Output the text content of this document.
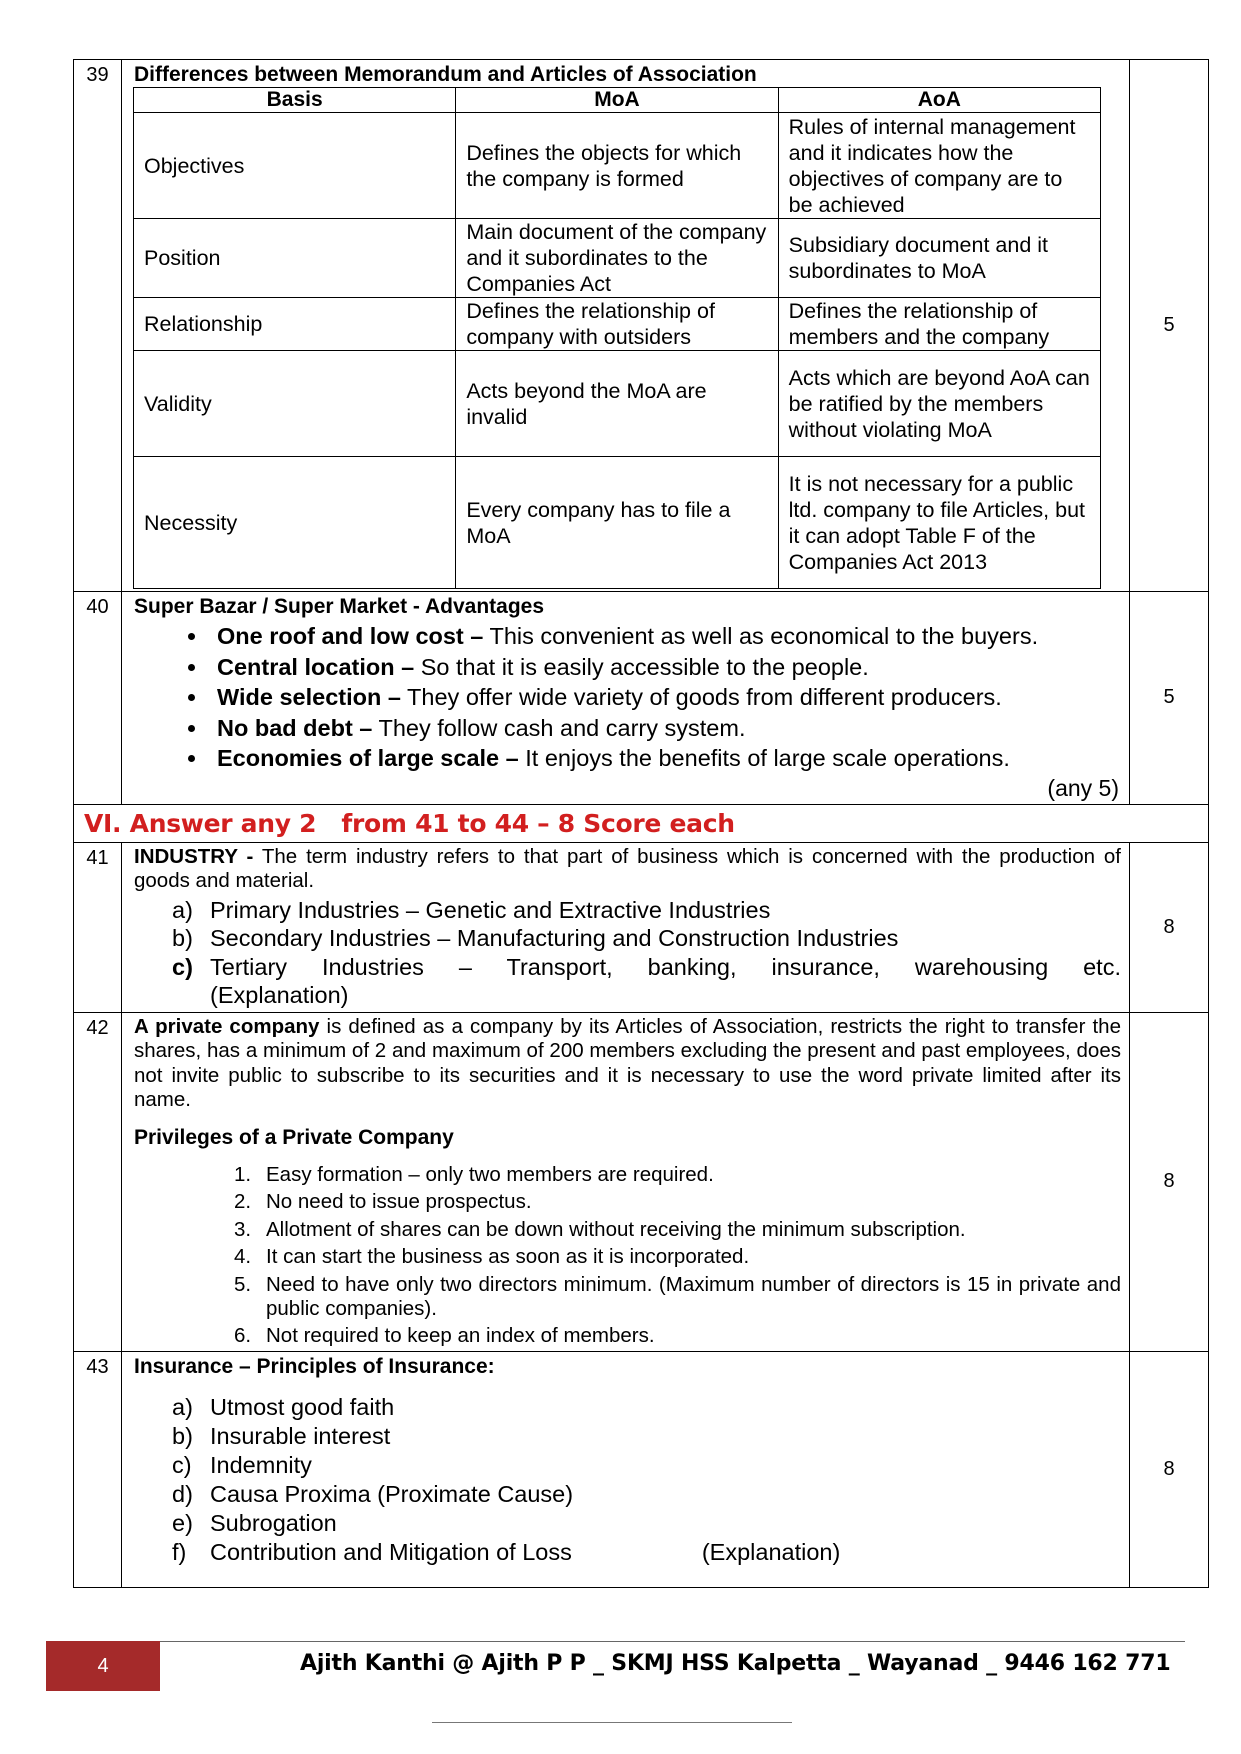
39	Differences between Memorandum and Articles of Association
Basis	MoA	AoA
Objectives	Defines the objects for which the company is formed	Rules of internal management and it indicates how the objectives of company are to be achieved
Position	Main document of the company and it subordinates to the Companies Act	Subsidiary document and it subordinates to MoA
Relationship	Defines the relationship of company with outsiders	Defines the relationship of members and the company
Validity	Acts beyond the MoA are invalid	Acts which are beyond AoA can be ratified by the members without violating MoA
Necessity	Every company has to file a MoA	It is not necessary for a public ltd. company to file Articles, but it can adopt Table F of the Companies Act 2013
	5
40	Super Bazar / Super Market - Advantages
• One roof and low cost – This convenient as well as economical to the buyers.
• Central location – So that it is easily accessible to the people.
• Wide selection – They offer wide variety of goods from different producers.
• No bad debt – They follow cash and carry system.
• Economies of large scale – It enjoys the benefits of large scale operations.
(any 5)
	5
VI. Answer any 2   from 41 to 44 – 8 Score each
41	INDUSTRY - The term industry refers to that part of business which is concerned with the production of goods and material.
a) Primary Industries – Genetic and Extractive Industries
b) Secondary Industries – Manufacturing and Construction Industries
c) Tertiary Industries – Transport, banking, insurance, warehousing etc.
(Explanation)
	8
42	A private company is defined as a company by its Articles of Association, restricts the right to transfer the shares, has a minimum of 2 and maximum of 200 members excluding the present and past employees, does not invite public to subscribe to its securities and it is necessary to use the word private limited after its name.
Privileges of a Private Company
1. Easy formation – only two members are required.
2. No need to issue prospectus.
3. Allotment of shares can be down without receiving the minimum subscription.
4. It can start the business as soon as it is incorporated.
5. Need to have only two directors minimum. (Maximum number of directors is 15 in private and public companies).
6. Not required to keep an index of members.
	8
43	Insurance – Principles of Insurance:
a) Utmost good faith
b) Insurable interest
c) Indemnity
d) Causa Proxima (Proximate Cause)
e) Subrogation
f)	Contribution and Mitigation of Loss	(Explanation)
	8
4	Ajith Kanthi @ Ajith P P _ SKMJ HSS Kalpetta _ Wayanad _ 9446 162 771
